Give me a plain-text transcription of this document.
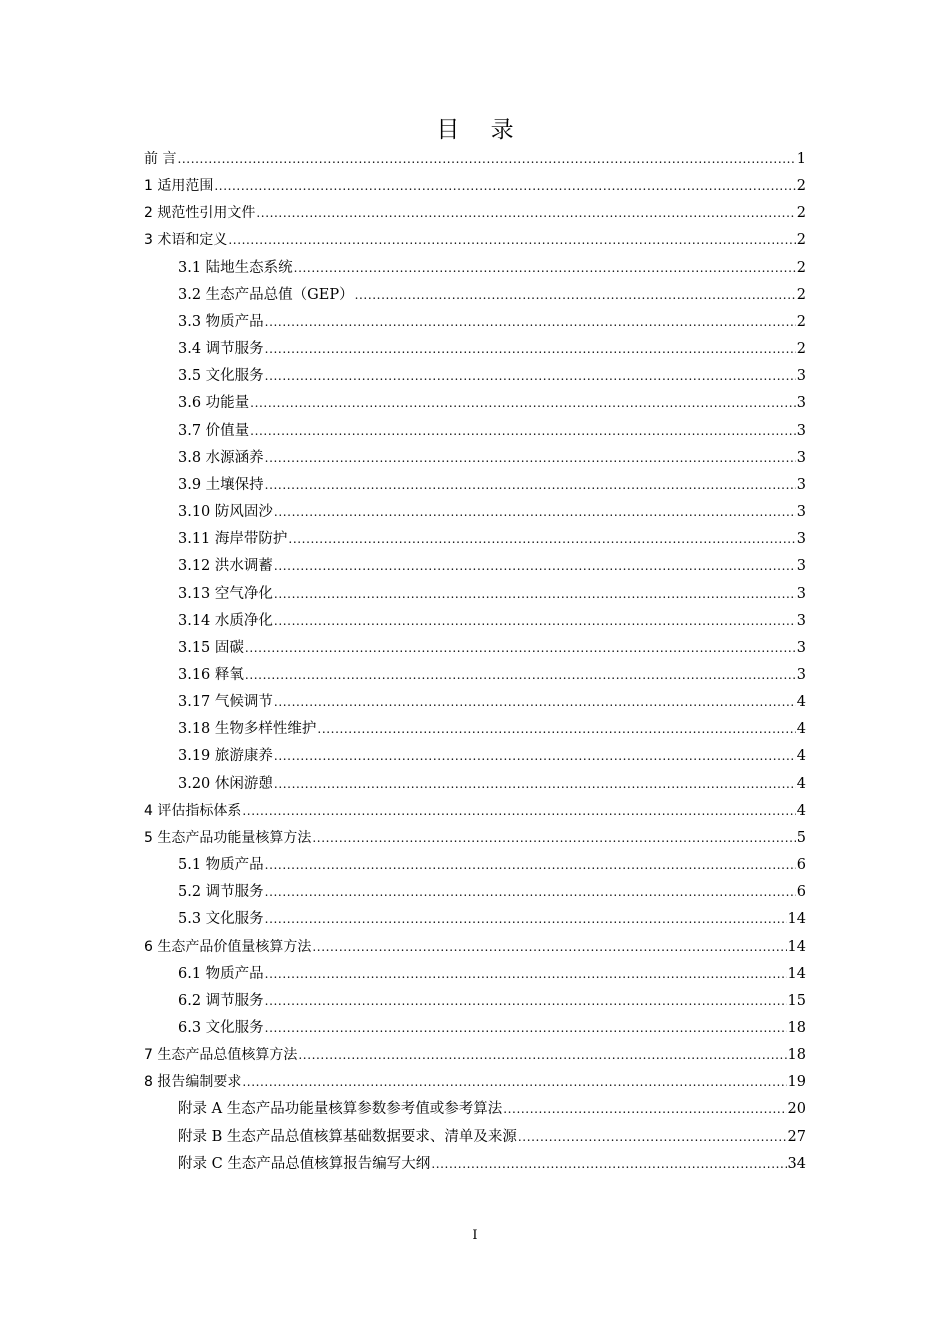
目 录
前 言 .....	1
1 适用范围 .....	2
2 规范性引用文件 .....	2
3 术语和定义 .....	2
3.1 陆地生态系统 .....	2
3.2 生态产品总值（GEP） .....	2
3.3 物质产品 .....	2
3.4 调节服务 .....	2
3.5 文化服务 .....	3
3.6 功能量 .....	3
3.7 价值量 .....	3
3.8 水源涵养 .....	3
3.9 土壤保持 .....	3
3.10 防风固沙 .....	3
3.11 海岸带防护 .....	3
3.12 洪水调蓄 .....	3
3.13 空气净化 .....	3
3.14 水质净化 .....	3
3.15 固碳 .....	3
3.16 释氧 .....	3
3.17 气候调节 .....	4
3.18 生物多样性维护 .....	4
3.19 旅游康养 .....	4
3.20 休闲游憩 .....	4
4 评估指标体系 .....	4
5 生态产品功能量核算方法 .....	5
5.1 物质产品 .....	6
5.2 调节服务 .....	6
5.3 文化服务 .....	14
6 生态产品价值量核算方法 .....	14
6.1 物质产品 .....	14
6.2 调节服务 .....	15
6.3 文化服务 .....	18
7 生态产品总值核算方法 .....	18
8 报告编制要求 .....	19
附录 A 生态产品功能量核算参数参考值或参考算法 .....	20
附录 B 生态产品总值核算基础数据要求、清单及来源 .....	27
附录 C 生态产品总值核算报告编写大纲 .....	34
I
